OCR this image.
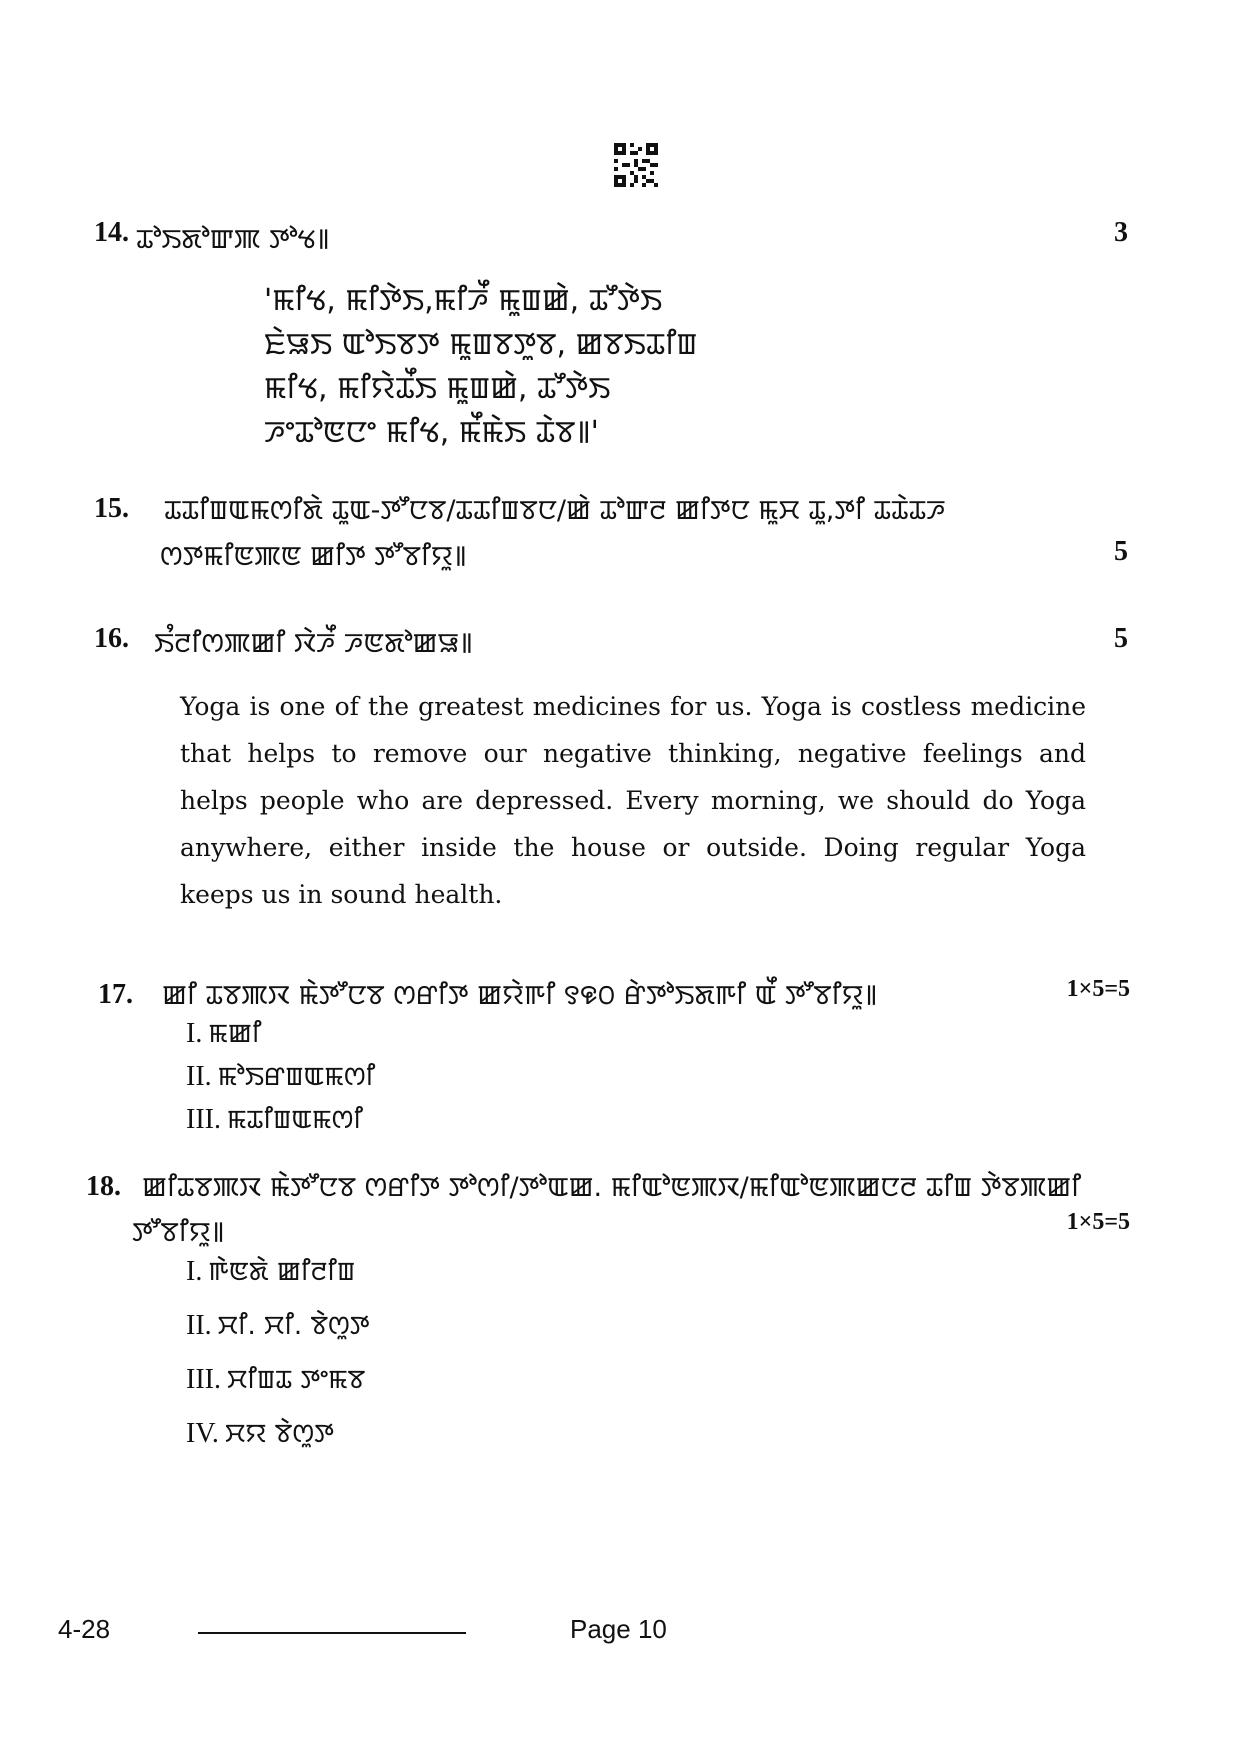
14. ꯊꯣꯏꯗꯣꯛꯄ ꯇꯣꯠ꯫	3
'ꯃꯤꯠ, ꯃꯤꯇꯥꯏ,ꯃꯤꯍꯩ ꯃꯨꯡꯀꯥ, ꯊꯧꯇꯥꯏ
ꯐꯥꯎꯏ ꯑꯣꯏꯕꯇ ꯃꯨꯡꯕꯇꯨꯕ, ꯀꯕꯏꯊꯤꯡ
ꯃꯤꯠ, ꯃꯤꯌꯥꯊꯩꯏ ꯃꯨꯡꯀꯥ, ꯊꯧꯇꯥꯏ
ꯍꯦꯊꯣꯟꯅꯦ ꯃꯤꯠ, ꯃꯩꯃꯥꯏ ꯊꯥꯕ꯫'
15. ꯊꯊꯤꯡꯑꯃꯁꯤꯗꯥ ꯊꯨꯑ-ꯇꯧꯅꯕ/ꯊꯊꯤꯡꯕꯅ/ꯀꯥ ꯊꯣꯛꯂ ꯀꯤꯇꯅ ꯃꯨꯆ ꯊꯨ,ꯇꯤ ꯊꯊꯥꯊꯍ
ꯁꯇꯃꯤꯟꯄꯟ ꯀꯤꯇ ꯇꯧꯕꯤꯌꯨ꯫	5
16. ꯏꯪꯂꯤꯁꯄꯀꯤ ꯋꯥꯍꯩ ꯍꯟꯗꯣꯀꯎ꯫	5

Yoga is one of the greatest medicines for us. Yoga is costless medicine that helps to remove our negative thinking, negative feelings and helps people who are depressed. Every morning, we should do Yoga anywhere, either inside the house or outside. Doing regular Yoga keeps us in sound health.

17. ꯀꯤ ꯊꯕꯄꯋ ꯃꯥꯇꯧꯅꯕ ꯁꯔꯤꯇ ꯀꯌꯥꯒꯤ ꯱꯶꯰ ꯔꯥꯇꯣꯏꯗꯒꯤ ꯑꯩ ꯇꯧꯕꯤꯌꯨ꯫	1×5=5
I. ꯃꯀꯤ
II. ꯃꯣꯏꯔꯡꯑꯃꯁꯤ
III. ꯃꯊꯤꯡꯑꯃꯁꯤ
18. ꯀꯤꯊꯕꯄꯋ ꯃꯥꯇꯧꯅꯕ ꯁꯔꯤꯇ ꯇꯣꯁꯤ/ꯇꯣꯑꯀ. ꯃꯤꯑꯣꯟꯄꯋ/ꯃꯤꯑꯣꯟꯄꯀꯅꯂ ꯊꯤꯡ ꯇꯥꯕꯄꯀꯤ
ꯇꯧꯕꯤꯌꯨ꯫	1×5=5
I. ꯒꯥꯟꯗꯥ ꯀꯤꯂꯤꯡ
II. ꯆꯤ. ꯆꯤ. ꯕꯥꯁꯨꯇ
III. ꯆꯤꯡꯊ ꯇꯦꯃꯕ
IV. ꯆꯌ ꯕꯥꯁꯨꯇ
4-28	Page 10
